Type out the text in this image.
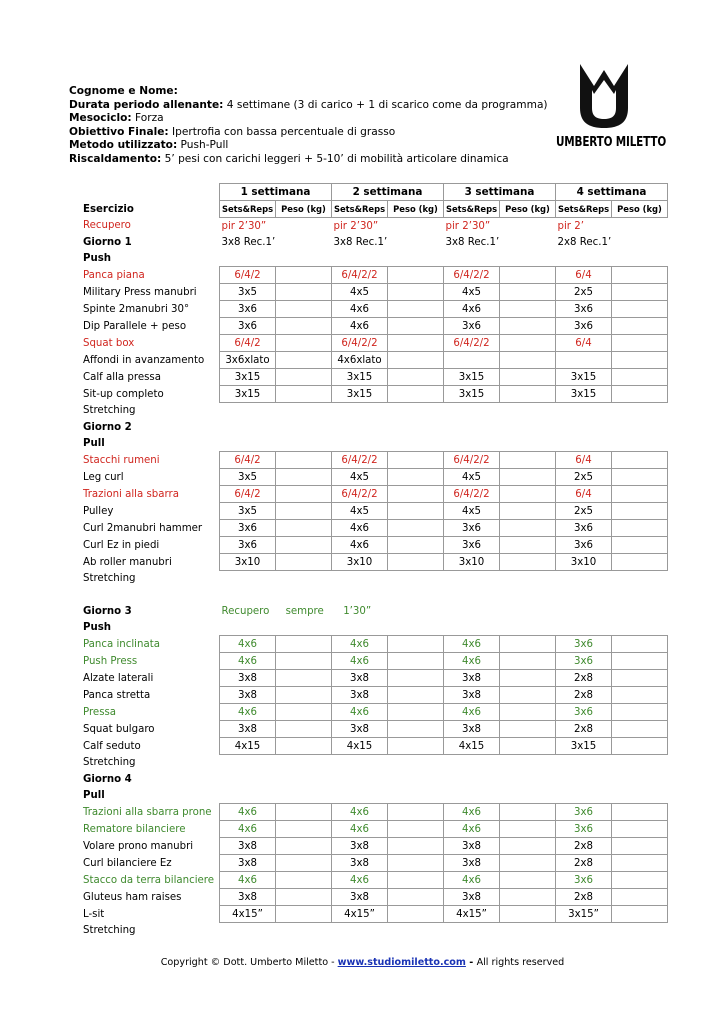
Cognome e Nome:
Durata periodo allenante: 4 settimane (3 di carico + 1 di scarico come da programma)
Mesociclo: Forza
Obiettivo Finale: Ipertrofia con bassa percentuale di grasso
Metodo utilizzato: Push-Pull
Riscaldamento: 5’ pesi con carichi leggeri + 5-10’ di mobilità articolare dinamica
UMBERTO MILETTO
	1 settimana		2 settimana		3 settimana		4 settimana	
Esercizio	Sets&Reps	Peso (kg)	Sets&Reps	Peso (kg)	Sets&Reps	Peso (kg)	Sets&Reps	Peso (kg)
Recupero	pir 2’30”		pir 2’30”		pir 2’30”		pir 2’	
Giorno 1	3x8 Rec.1’		3x8 Rec.1’		3x8 Rec.1’		2x8 Rec.1’	
Push								
Panca piana	6/4/2		6/4/2/2		6/4/2/2		6/4	
Military Press manubri	3x5		4x5		4x5		2x5	
Spinte 2manubri 30°	3x6		4x6		4x6		3x6	
Dip Parallele + peso	3x6		4x6		3x6		3x6	
Squat box	6/4/2		6/4/2/2		6/4/2/2		6/4	
Affondi in avanzamento	3x6xlato		4x6xlato					
Calf alla pressa	3x15		3x15		3x15		3x15	
Sit-up completo	3x15		3x15		3x15		3x15	
Stretching								
Giorno 2								
Pull								
Stacchi rumeni	6/4/2		6/4/2/2		6/4/2/2		6/4	
Leg curl	3x5		4x5		4x5		2x5	
Trazioni alla sbarra	6/4/2		6/4/2/2		6/4/2/2		6/4	
Pulley	3x5		4x5		4x5		2x5	
Curl 2manubri hammer	3x6		4x6		3x6		3x6	
Curl Ez in piedi	3x6		4x6		3x6		3x6	
Ab roller manubri	3x10		3x10		3x10		3x10	
Stretching								

Giorno 3	Recupero     sempre      1’30”							
Push								
Panca inclinata	4x6		4x6		4x6		3x6	
Push Press	4x6		4x6		4x6		3x6	
Alzate laterali	3x8		3x8		3x8		2x8	
Panca stretta	3x8		3x8		3x8		2x8	
Pressa	4x6		4x6		4x6		3x6	
Squat bulgaro	3x8		3x8		3x8		2x8	
Calf seduto	4x15		4x15		4x15		3x15	
Stretching								
Giorno 4								
Pull								
Trazioni alla sbarra prone	4x6		4x6		4x6		3x6	
Rematore bilanciere	4x6		4x6		4x6		3x6	
Volare prono manubri	3x8		3x8		3x8		2x8	
Curl bilanciere Ez	3x8		3x8		3x8		2x8	
Stacco da terra bilanciere	4x6		4x6		4x6		3x6	
Gluteus ham raises	3x8		3x8		3x8		2x8	
L-sit	4x15”		4x15”		4x15”		3x15”	
Stretching								
Copyright © Dott. Umberto Miletto - www.studiomiletto.com - All rights reserved
